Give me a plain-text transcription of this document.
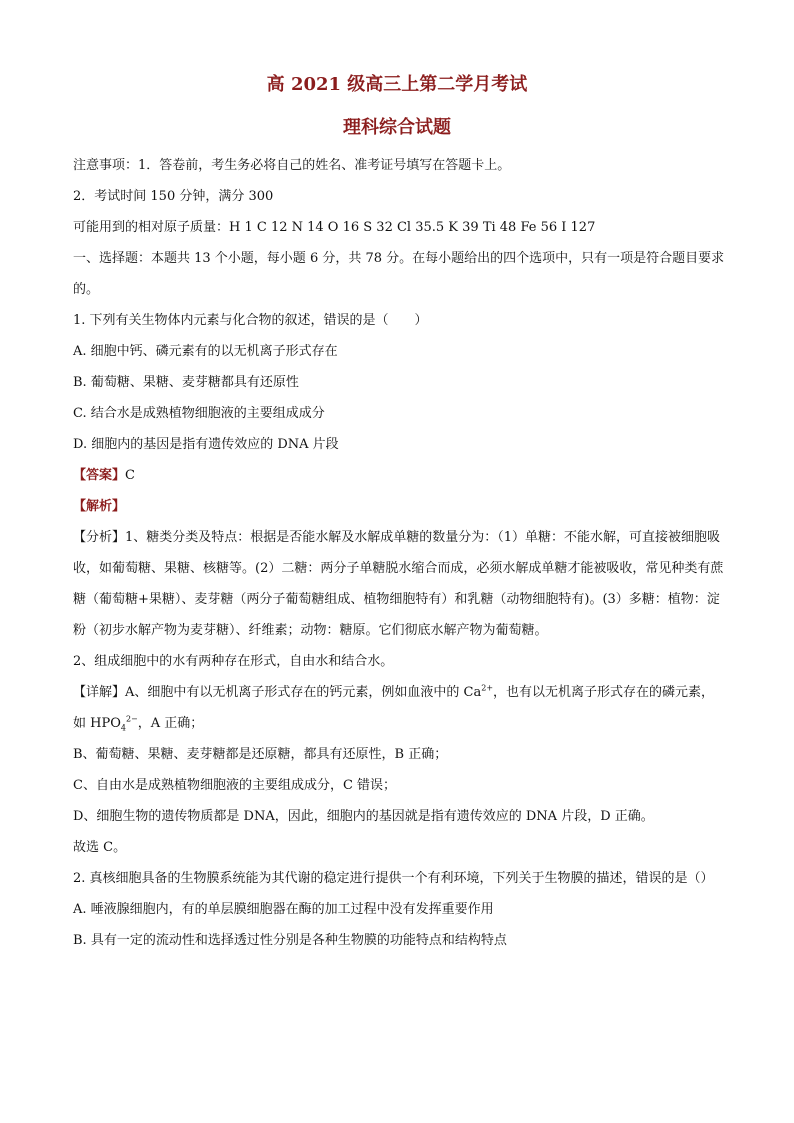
高 2021 级高三上第二学月考试
理科综合试题

注意事项：1．答卷前，考生务必将自己的姓名、准考证号填写在答题卡上。

2．考试时间 150 分钟，满分 300

可能用到的相对原子质量：H 1 C 12 N 14 O 16 S 32 Cl 35.5 K 39 Ti 48 Fe 56 I 127

一、选择题：本题共 13 个小题，每小题 6 分，共 78 分。在每小题给出的四个选项中，只有一项是符合题目要求的。

1. 下列有关生物体内元素与化合物的叙述，错误的是（　　）

A. 细胞中钙、磷元素有的以无机离子形式存在

B. 葡萄糖、果糖、麦芽糖都具有还原性

C. 结合水是成熟植物细胞液的主要组成成分

D. 细胞内的基因是指有遗传效应的 DNA 片段

【答案】C

【解析】

【分析】1、糖类分类及特点：根据是否能水解及水解成单糖的数量分为：（1）单糖：不能水解，可直接被细胞吸收，如葡萄糖、果糖、核糖等。(2）二糖：两分子单糖脱水缩合而成，必须水解成单糖才能被吸收，常见种类有蔗糖（葡萄糖+果糖）、麦芽糖（两分子葡萄糖组成、植物细胞特有）和乳糖（动物细胞特有)。(3）多糖：植物：淀粉（初步水解产物为麦芽糖）、纤维素；动物：糖原。它们彻底水解产物为葡萄糖。

2、组成细胞中的水有两种存在形式，自由水和结合水。

【详解】A、细胞中有以无机离子形式存在的钙元素，例如血液中的 $Ca^{2+}$，也有以无机离子形式存在的磷元素，如 $HPO_4^{2-}$，A 正确；

B、葡萄糖、果糖、麦芽糖都是还原糖，都具有还原性，B 正确；

C、自由水是成熟植物细胞液的主要组成成分，C 错误；

D、细胞生物的遗传物质都是 DNA，因此，细胞内的基因就是指有遗传效应的 DNA 片段，D 正确。

故选 C。

2. 真核细胞具备的生物膜系统能为其代谢的稳定进行提供一个有利环境，下列关于生物膜的描述，错误的是（）

A. 唾液腺细胞内，有的单层膜细胞器在酶的加工过程中没有发挥重要作用

B. 具有一定的流动性和选择透过性分别是各种生物膜的功能特点和结构特点
